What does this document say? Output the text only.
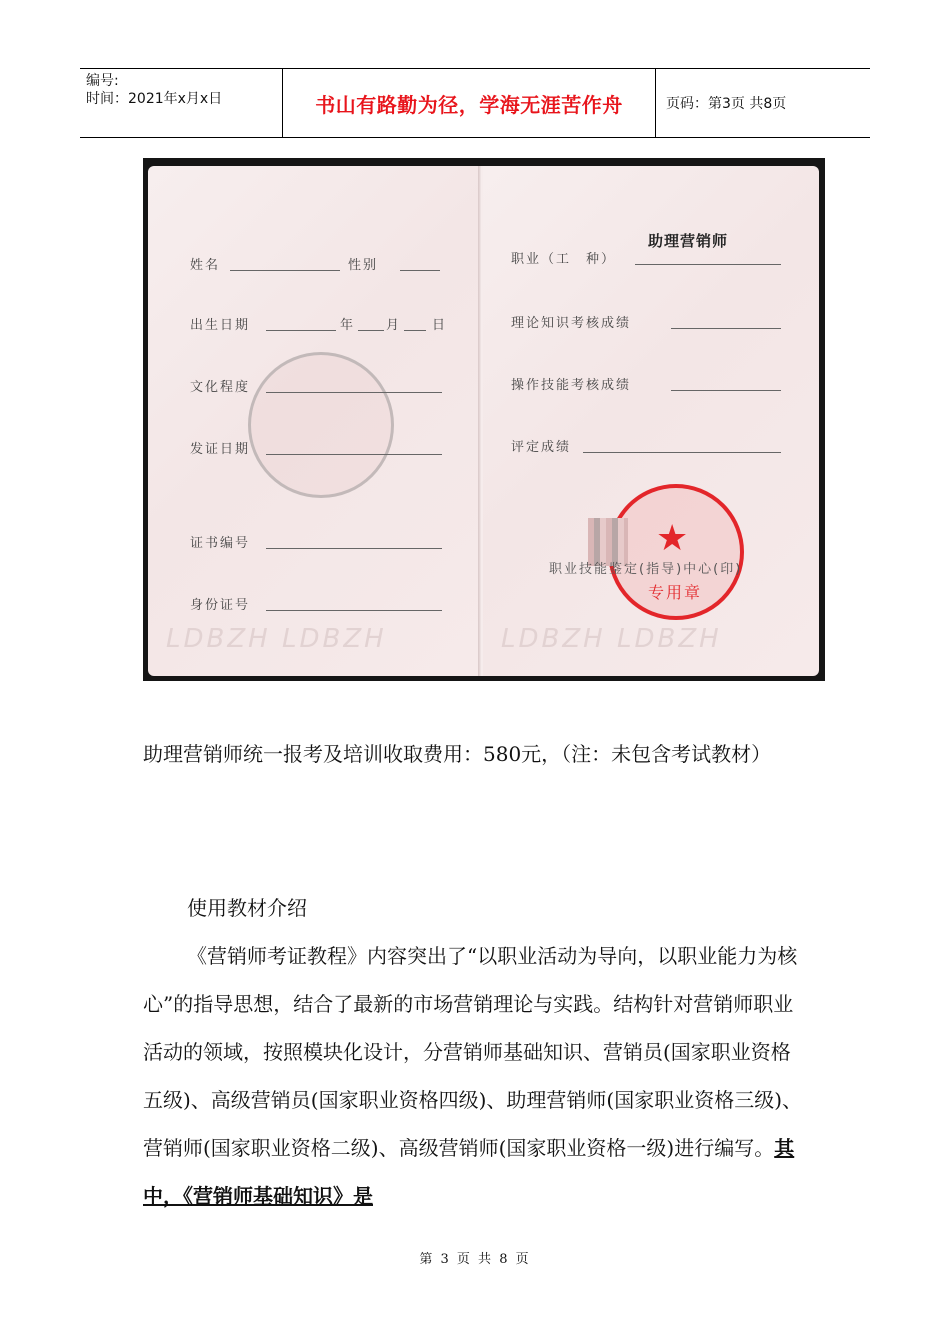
编号:
时间：2021年x月x日	书山有路勤为径，学海无涯苦作舟	页码：第3页 共8页
姓名	性别
出生日期	年 月 日
文化程度
发证日期
证书编号
身份证号
LDBZH LDBZH
职业（工　种）
助理营销师
理论知识考核成绩
操作技能考核成绩
评定成绩
★
专用章
职业技能鉴定(指导)中心(印)
LDBZH LDBZH
助理营销师统一报考及培训收取费用：580元，（注：未包含考试教材）
使用教材介绍
《营销师考证教程》内容突出了“以职业活动为导向，以职业能力为核心”的指导思想，结合了最新的市场营销理论与实践。结构针对营销师职业活动的领域，按照模块化设计，分营销师基础知识、营销员(国家职业资格五级)、高级营销员(国家职业资格四级)、助理营销师(国家职业资格三级)、营销师(国家职业资格二级)、高级营销师(国家职业资格一级)进行编写。其中，《营销师基础知识》是
第 3 页 共 8 页
